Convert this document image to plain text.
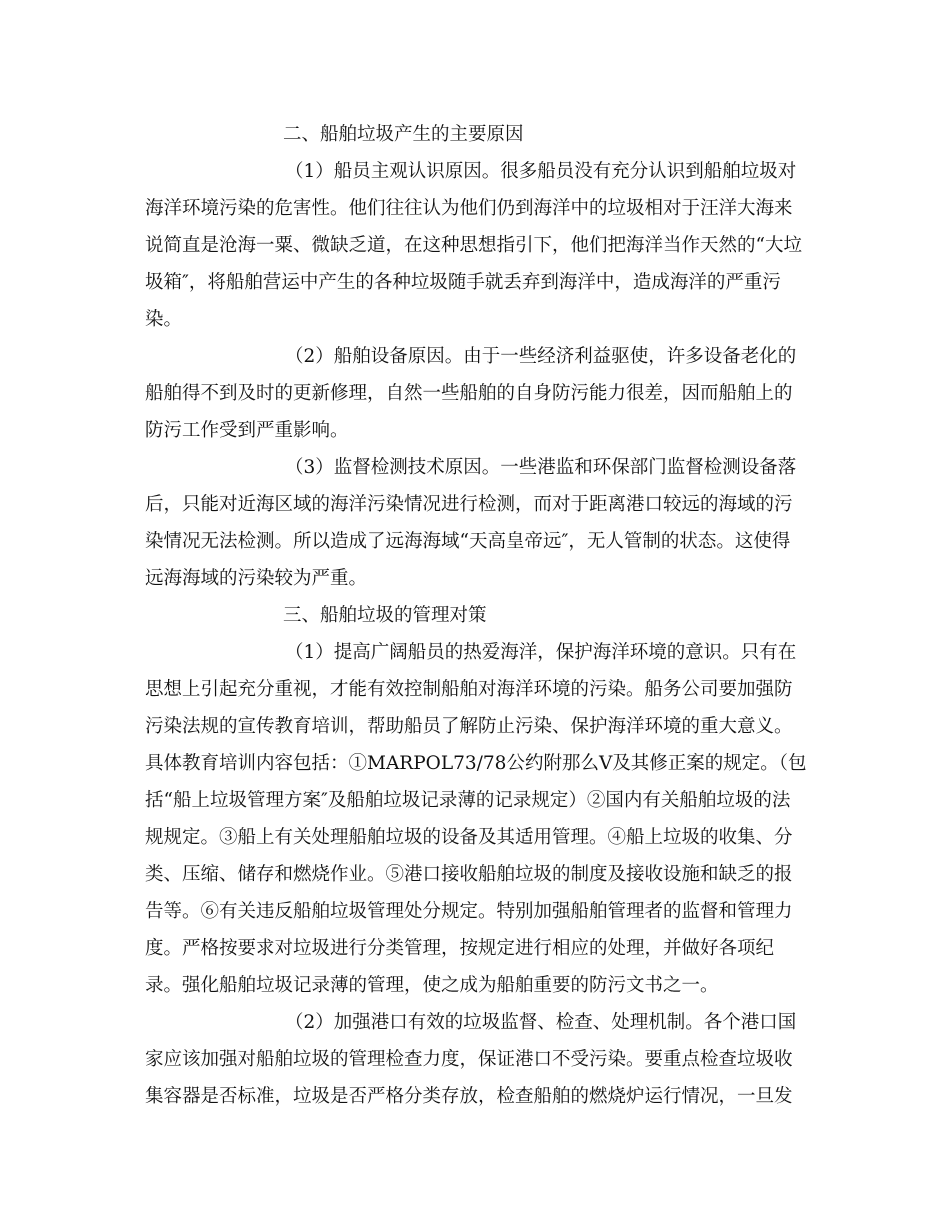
二、船舶垃圾产生的主要原因
（1）船员主观认识原因。很多船员没有充分认识到船舶垃圾对
海洋环境污染的危害性。他们往往认为他们仍到海洋中的垃圾相对于汪洋大海来
说简直是沧海一粟、微缺乏道，在这种思想指引下，他们把海洋当作天然的“大垃
圾箱″，将船舶营运中产生的各种垃圾随手就丢弃到海洋中，造成海洋的严重污
染。
（2）船舶设备原因。由于一些经济利益驱使，许多设备老化的
船舶得不到及时的更新修理，自然一些船舶的自身防污能力很差，因而船舶上的
防污工作受到严重影响。
（3）监督检测技术原因。一些港监和环保部门监督检测设备落
后，只能对近海区域的海洋污染情况进行检测，而对于距离港口较远的海域的污
染情况无法检测。所以造成了远海海域“天高皇帝远″，无人管制的状态。这使得
远海海域的污染较为严重。
三、船舶垃圾的管理对策
（1）提高广阔船员的热爱海洋，保护海洋环境的意识。只有在
思想上引起充分重视，才能有效控制船舶对海洋环境的污染。船务公司要加强防
污染法规的宣传教育培训，帮助船员了解防止污染、保护海洋环境的重大意义。
具体教育培训内容包括：①MARPOL73/78公约附那么Ⅴ及其修正案的规定。（包
括“船上垃圾管理方案″及船舶垃圾记录薄的记录规定）②国内有关船舶垃圾的法
规规定。③船上有关处理船舶垃圾的设备及其适用管理。④船上垃圾的收集、分
类、压缩、储存和燃烧作业。⑤港口接收船舶垃圾的制度及接收设施和缺乏的报
告等。⑥有关违反船舶垃圾管理处分规定。特别加强船舶管理者的监督和管理力
度。严格按要求对垃圾进行分类管理，按规定进行相应的处理，并做好各项纪
录。强化船舶垃圾记录薄的管理，使之成为船舶重要的防污文书之一。
（2）加强港口有效的垃圾监督、检查、处理机制。各个港口国
家应该加强对船舶垃圾的管理检查力度，保证港口不受污染。要重点检查垃圾收
集容器是否标准，垃圾是否严格分类存放，检查船舶的燃烧炉运行情况，一旦发
